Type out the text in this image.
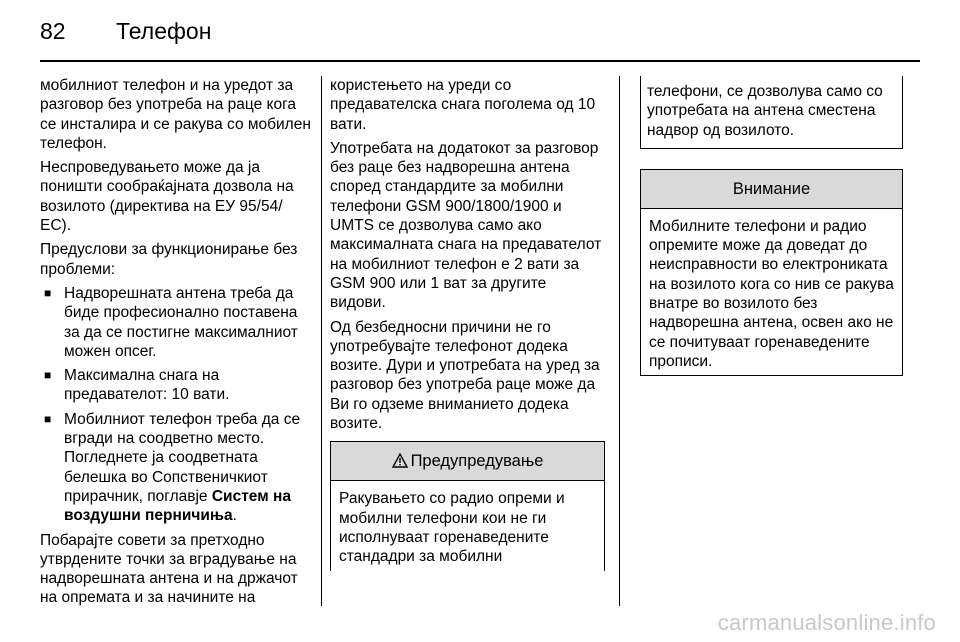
82	Телефон

мобилниот телефон и на уредот за разговор без употреба на раце кога се инсталира и се ракува со мобилен телефон.

Неспроведувањето може да ја поништи сообраќајната дозвола на возилото (директива на ЕУ 95/54/ЕС).

Предуслови за функционирање без проблеми:

■ Надворешната антена треба да биде професионално поставена за да се постигне максималниот можен опсег.
■ Максимална снага на предавателот: 10 вати.
■ Мобилниот телефон треба да се вгради на соодветно место. Погледнете ја соодветната белешка во Сопственичкиот прирачник, поглавје Систем на воздушни перничиња.

Побарајте совети за претходно утврдените точки за вградување на надворешната антена и на држачот на опремата и за начините на

користењето на уреди со предавателска снага поголема од 10 вати.

Употребата на додатокот за разговор без раце без надворешна антена според стандардите за мобилни телефони GSM 900/1800/1900 и UMTS се дозволува само ако максималната снага на предавателот на мобилниот телефон е 2 вати за GSM 900 или 1 ват за другите видови.

Од безбедносни причини не го употребувајте телефонот додека возите. Дури и употребата на уред за разговор без употреба раце може да Ви го одземе вниманието додека возите.

Предупредување
Ракувањето со радио опреми и мобилни телефони кои не ги исполнуваат горенаведените стандадри за мобилни
телефони, се дозволува само со употребата на антена сместена надвор од возилото.
Внимание
Мобилните телефони и радио опремите може да доведат до неисправности во електрониката на возилото кога со нив се ракува внатре во возилото без надворешна антена, освен ако не се почитуваат горенаведените прописи.
carmanualsonline.info
